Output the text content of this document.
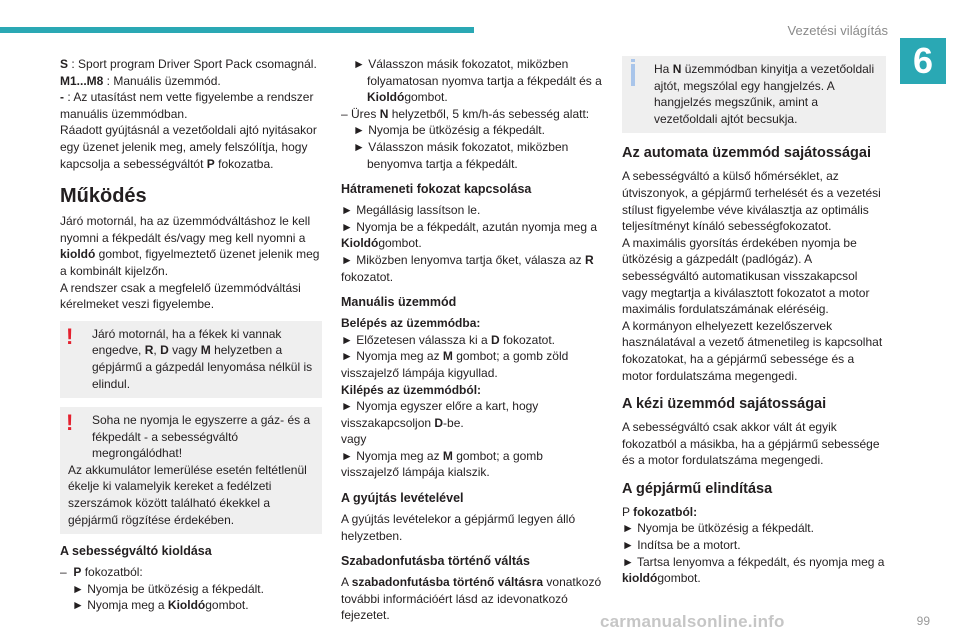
Vezetési világítás
6

S : Sport program Driver Sport Pack csomagnál.

M1...M8 : Manuális üzemmód.

- : Az utasítást nem vette figyelembe a rendszer manuális üzemmódban.

Ráadott gyújtásnál a vezetőoldali ajtó nyitásakor egy üzenet jelenik meg, amely felszólítja, hogy kapcsolja a sebességváltót P fokozatba.

Működés

Járó motornál, ha az üzemmódváltáshoz le kell nyomni a fékpedált és/vagy meg kell nyomni a kioldó gombot, figyelmeztető üzenet jelenik meg a kombinált kijelzőn.

A rendszer csak a megfelelő üzemmódváltási kérelmeket veszi figyelembe.

!	Járó motornál, ha a fékek ki vannak engedve, R, D vagy M helyzetben a gépjármű a gázpedál lenyomása nélkül is elindul.
!	Soha ne nyomja le egyszerre a gáz- és a fékpedált - a sebességváltó megrongálódhat!
Az akkumulátor lemerülése esetén feltétlenül ékelje ki valamelyik kereket a fedélzeti szerszámok között található ékekkel a gépjármű rögzítése érdekében.
A sebességváltó kioldása

– P fokozatból:

► Nyomja be ütközésig a fékpedált.

► Nyomja meg a Kioldógombot.

► Válasszon másik fokozatot, miközben folyamatosan nyomva tartja a fékpedált és a Kioldógombot.

– Üres N helyzetből, 5 km/h-ás sebesség alatt:

► Nyomja be ütközésig a fékpedált.

► Válasszon másik fokozatot, miközben benyomva tartja a fékpedált.

Hátrameneti fokozat kapcsolása

► Megállásig lassítson le.

► Nyomja be a fékpedált, azután nyomja meg a Kioldógombot.

► Miközben lenyomva tartja őket, válasza az R fokozatot.

Manuális üzemmód

Belépés az üzemmódba:

► Előzetesen válassza ki a D fokozatot.

► Nyomja meg az M gombot; a gomb zöld visszajelző lámpája kigyullad.

Kilépés az üzemmódból:

► Nyomja egyszer előre a kart, hogy visszakapcsoljon D-be.

vagy

► Nyomja meg az M gombot; a gomb visszajelző lámpája kialszik.

A gyújtás levételével

A gyújtás levételekor a gépjármű legyen álló helyzetben.

Szabadonfutásba történő váltás

A szabadonfutásba történő váltásra vonatkozó további információért lásd az idevonatkozó fejezetet.

Ha N üzemmódban kinyitja a vezetőoldali ajtót, megszólal egy hangjelzés. A hangjelzés megszűnik, amint a vezetőoldali ajtót becsukja.
Az automata üzemmód sajátosságai

A sebességváltó a külső hőmérséklet, az útviszonyok, a gépjármű terhelését és a vezetési stílust figyelembe véve kiválasztja az optimális teljesítményt kínáló sebességfokozatot.

A maximális gyorsítás érdekében nyomja be ütközésig a gázpedált (padlógáz). A sebességváltó automatikusan visszakapcsol vagy megtartja a kiválasztott fokozatot a motor maximális fordulatszámának eléréséig.

A kormányon elhelyezett kezelőszervek használatával a vezető átmenetileg is kapcsolhat fokozatokat, ha a gépjármű sebessége és a motor fordulatszáma megengedi.

A kézi üzemmód sajátosságai

A sebességváltó csak akkor vált át egyik fokozatból a másikba, ha a gépjármű sebessége és a motor fordulatszáma megengedi.

A gépjármű elindítása

P fokozatból:

► Nyomja be ütközésig a fékpedált.

► Indítsa be a motort.

► Tartsa lenyomva a fékpedált, és nyomja meg a kioldógombot.

carmanualsonline.info	99
